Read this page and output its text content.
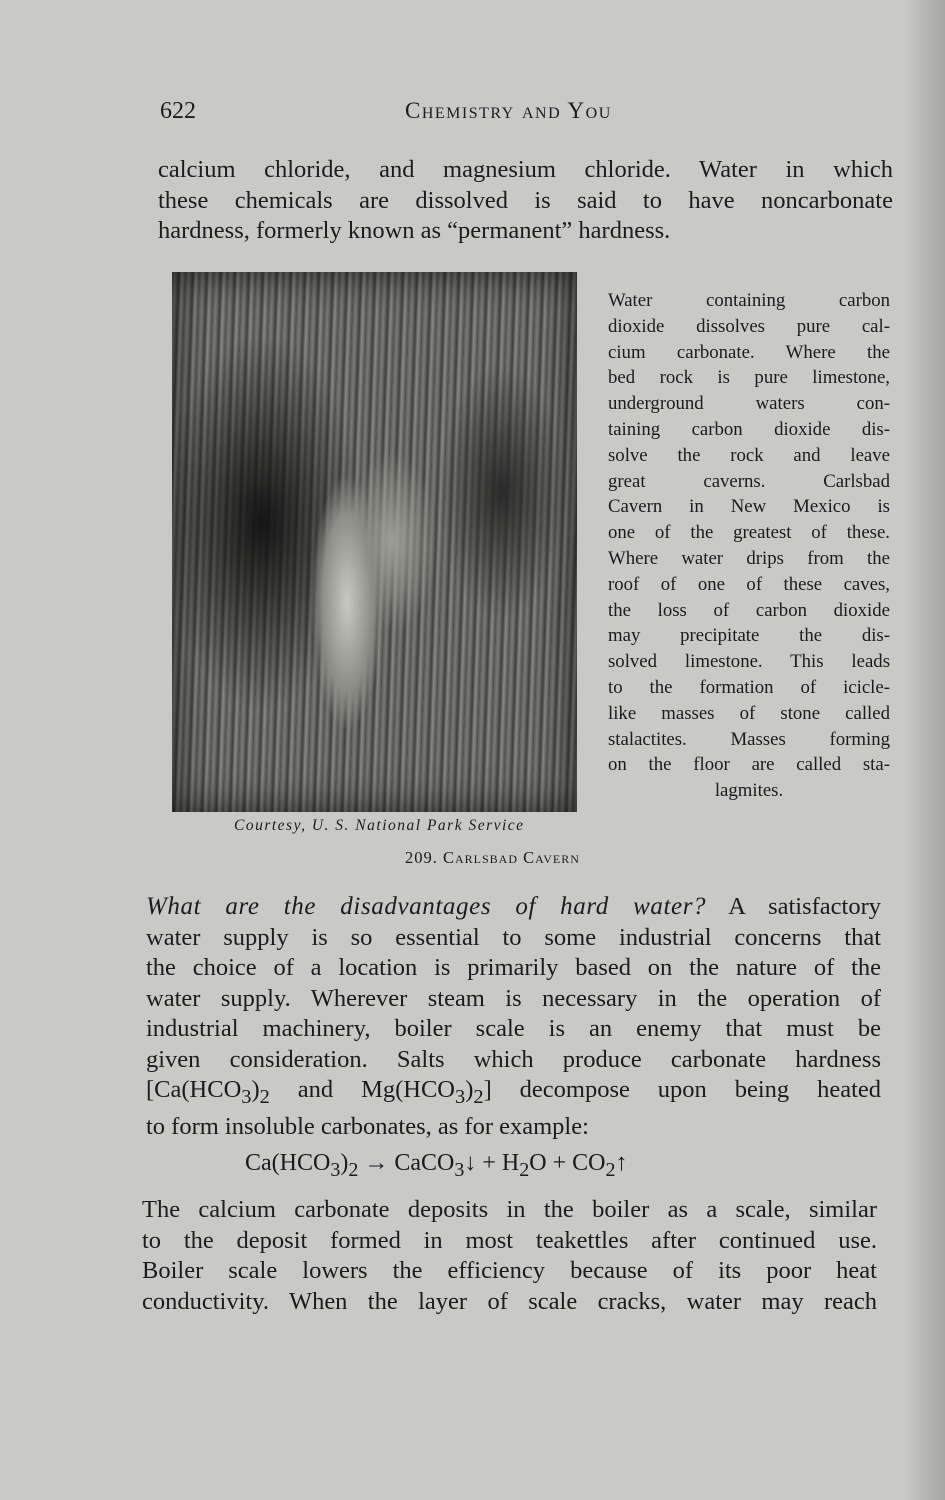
622	Chemistry and You

calcium chloride, and magnesium chloride. Water in which
these chemicals are dissolved is said to have noncarbonate
hardness, formerly known as “permanent” hardness.

Courtesy, U. S. National Park Service
209. Carlsbad Cavern

Water containing carbon
dioxide dissolves pure cal-
cium carbonate. Where the
bed rock is pure limestone,
underground waters con-
taining carbon dioxide dis-
solve the rock and leave
great caverns. Carlsbad
Cavern in New Mexico is
one of the greatest of these.
Where water drips from the
roof of one of these caves,
the loss of carbon dioxide
may precipitate the dis-
solved limestone. This leads
to the formation of icicle-
like masses of stone called
stalactites. Masses forming
on the floor are called sta-
lagmites.

What are the disadvantages of hard water? A satisfactory
water supply is so essential to some industrial concerns that
the choice of a location is primarily based on the nature of the
water supply. Wherever steam is necessary in the operation of
industrial machinery, boiler scale is an enemy that must be
given consideration. Salts which produce carbonate hardness
[$Ca(HCO_3)_2$ and $Mg(HCO_3)_2$] decompose upon being heated
to form insoluble carbonates, as for example:

$Ca(HCO_3)_2$ → CaCO$_3$↓ + $H_2O$ + $CO_2↑$

The calcium carbonate deposits in the boiler as a scale, similar
to the deposit formed in most teakettles after continued use.
Boiler scale lowers the efficiency because of its poor heat
conductivity. When the layer of scale cracks, water may reach
